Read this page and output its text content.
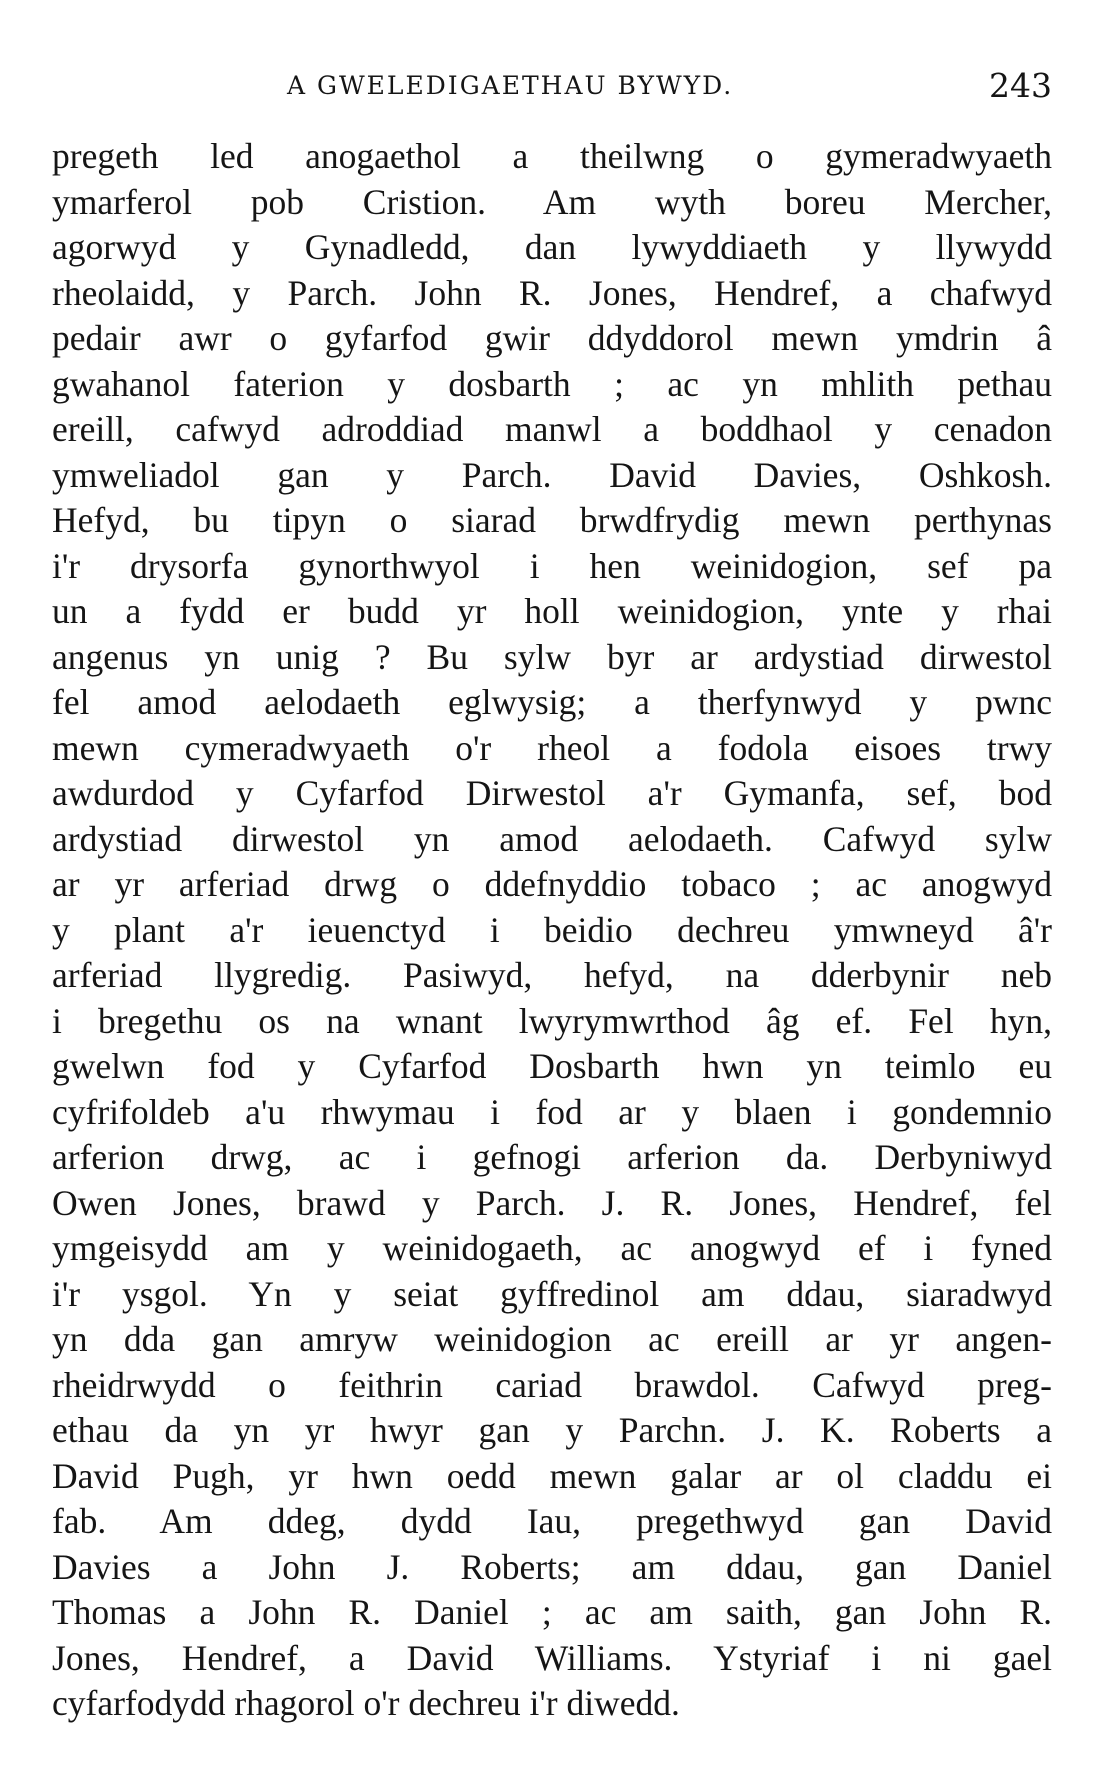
A GWELEDIGAETHAU BYWYD.	243
pregeth led anogaethol a theilwng o gymeradwyaeth
ymarferol pob Cristion. Am wyth boreu Mercher,
agorwyd y Gynadledd, dan lywyddiaeth y llywydd
rheolaidd, y Parch. John R. Jones, Hendref, a chafwyd
pedair awr o gyfarfod gwir ddyddorol mewn ymdrin â
gwahanol faterion y dosbarth ; ac yn mhlith pethau
ereill, cafwyd adroddiad manwl a boddhaol y cenadon
ymweliadol gan y Parch. David Davies, Oshkosh.
Hefyd, bu tipyn o siarad brwdfrydig mewn perthynas
i'r drysorfa gynorthwyol i hen weinidogion, sef pa
un a fydd er budd yr holl weinidogion, ynte y rhai
angenus yn unig ? Bu sylw byr ar ardystiad dirwestol
fel amod aelodaeth eglwysig; a therfynwyd y pwnc
mewn cymeradwyaeth o'r rheol a fodola eisoes trwy
awdurdod y Cyfarfod Dirwestol a'r Gymanfa, sef, bod
ardystiad dirwestol yn amod aelodaeth. Cafwyd sylw
ar yr arferiad drwg o ddefnyddio tobaco ; ac anogwyd
y plant a'r ieuenctyd i beidio dechreu ymwneyd â'r
arferiad llygredig. Pasiwyd, hefyd, na dderbynir neb
i bregethu os na wnant lwyrymwrthod âg ef. Fel hyn,
gwelwn fod y Cyfarfod Dosbarth hwn yn teimlo eu
cyfrifoldeb a'u rhwymau i fod ar y blaen i gondemnio
arferion drwg, ac i gefnogi arferion da. Derbyniwyd
Owen Jones, brawd y Parch. J. R. Jones, Hendref, fel
ymgeisydd am y weinidogaeth, ac anogwyd ef i fyned
i'r ysgol. Yn y seiat gyffredinol am ddau, siaradwyd
yn dda gan amryw weinidogion ac ereill ar yr angen-
rheidrwydd o feithrin cariad brawdol. Cafwyd preg-
ethau da yn yr hwyr gan y Parchn. J. K. Roberts a
David Pugh, yr hwn oedd mewn galar ar ol claddu ei
fab. Am ddeg, dydd Iau, pregethwyd gan David
Davies a John J. Roberts; am ddau, gan Daniel
Thomas a John R. Daniel ; ac am saith, gan John R.
Jones, Hendref, a David Williams. Ystyriaf i ni gael
cyfarfodydd rhagorol o'r dechreu i'r diwedd.
